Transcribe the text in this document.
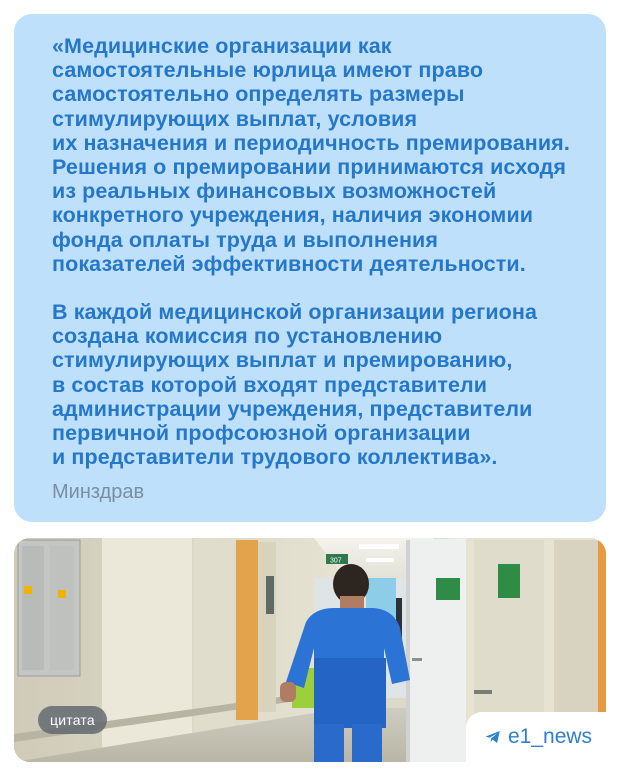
«Медицинские организации как
самостоятельные юрлица имеют право
самостоятельно определять размеры
стимулирующих выплат, условия
их назначения и периодичность премирования.
Решения о премировании принимаются исходя
из реальных финансовых возможностей
конкретного учреждения, наличия экономии
фонда оплаты труда и выполнения
показателей эффективности деятельности.

В каждой медицинской организации региона
создана комиссия по установлению
стимулирующих выплат и премированию,
в состав которой входят представители
администрации учреждения, представители
первичной профсоюзной организации
и представители трудового коллектива».

Минздрав
307
цитата
e1_news
